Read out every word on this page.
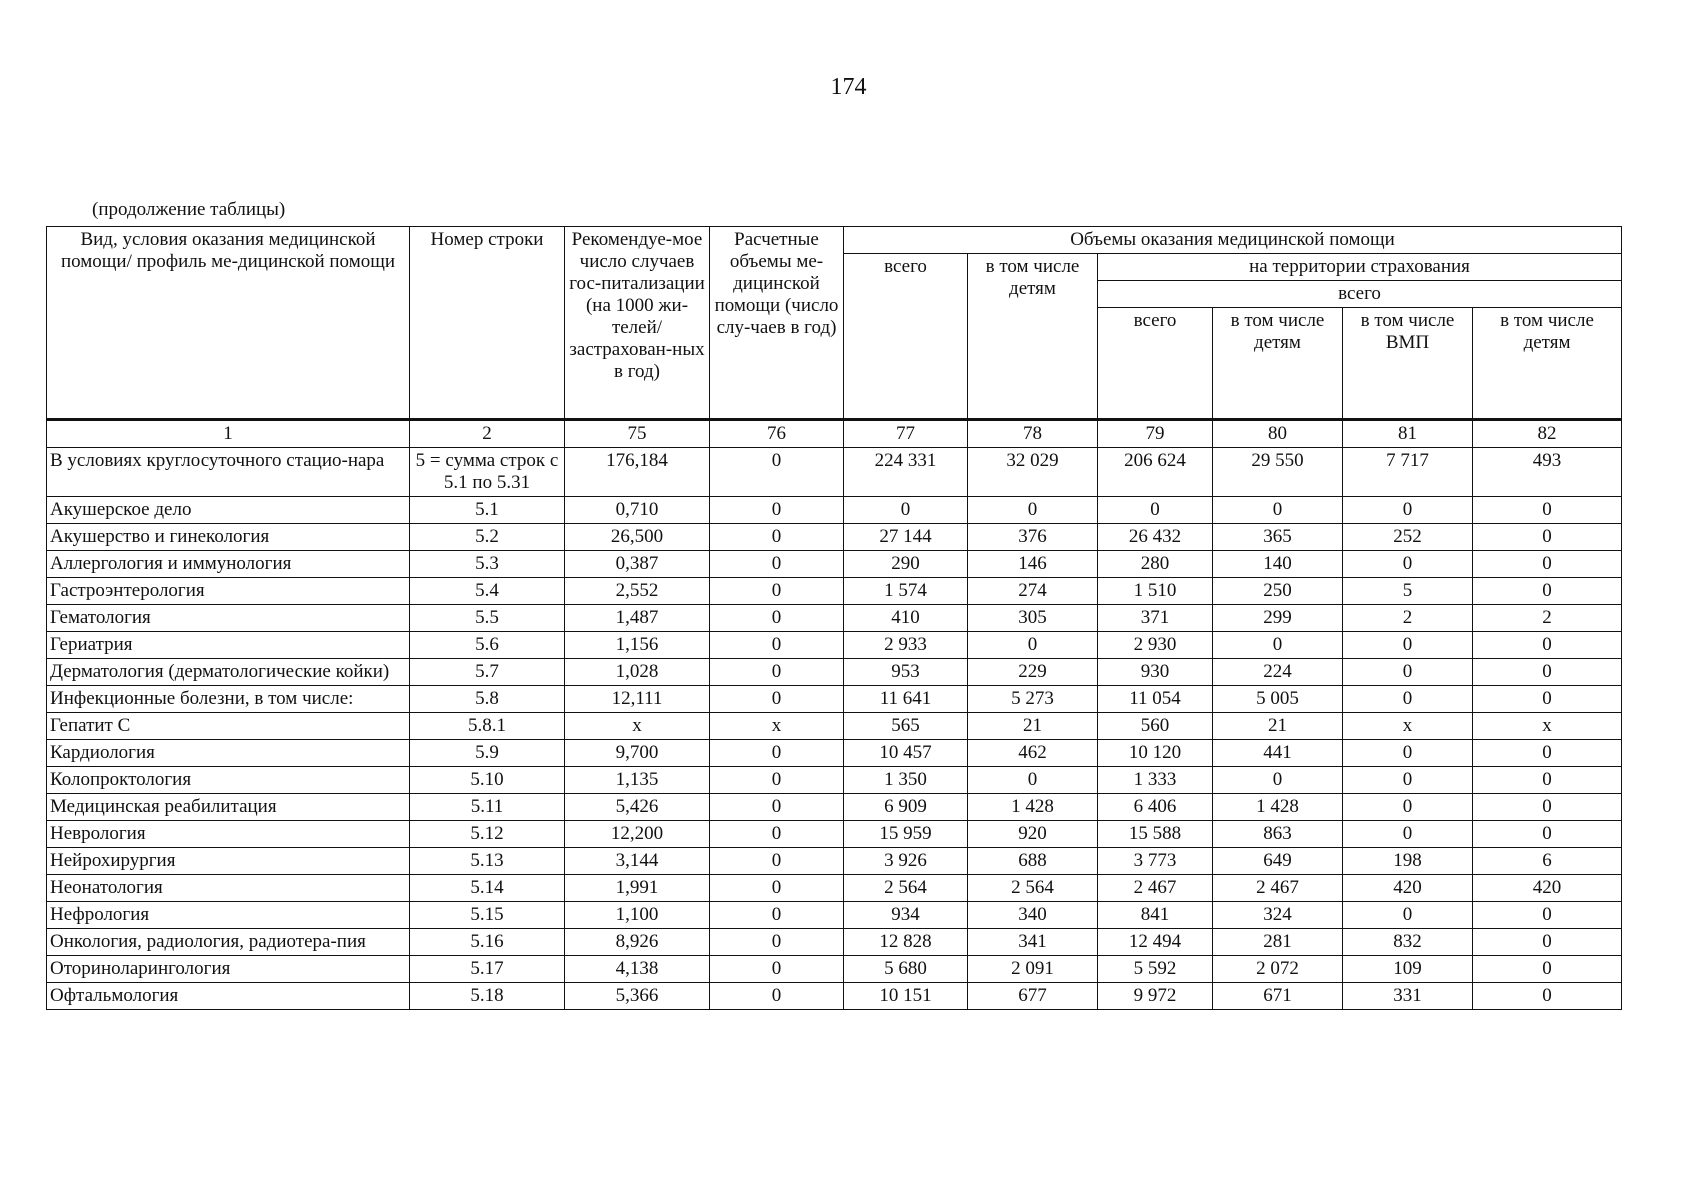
174
(продолжение таблицы)
Вид, условия оказания медицинской помощи/ профиль ме-дицинской помощи	Номер строки	Рекомендуе-мое число случаев гос-питализации (на 1000 жи-телей/ застрахован-ных в год)	Расчетные объемы ме-дицинской помощи (число слу-чаев в год)	Объемы оказания медицинской помощи					
				всего	в том числе детям	на территории страхования			
						всего			
						всего	в том числе детям	в том числе ВМП	в том числе детям
1	2	75	76	77	78	79	80	81	82
В условиях круглосуточного стацио-нара	5 = сумма строк с 5.1 по 5.31	176,184	0	224 331	32 029	206 624	29 550	7 717	493
Акушерское дело	5.1	0,710	0	0	0	0	0	0	0
Акушерство и гинекология	5.2	26,500	0	27 144	376	26 432	365	252	0
Аллергология и иммунология	5.3	0,387	0	290	146	280	140	0	0
Гастроэнтерология	5.4	2,552	0	1 574	274	1 510	250	5	0
Гематология	5.5	1,487	0	410	305	371	299	2	2
Гериатрия	5.6	1,156	0	2 933	0	2 930	0	0	0
Дерматология (дерматологические койки)	5.7	1,028	0	953	229	930	224	0	0
Инфекционные болезни, в том числе:	5.8	12,111	0	11 641	5 273	11 054	5 005	0	0
Гепатит С	5.8.1	х	х	565	21	560	21	х	х
Кардиология	5.9	9,700	0	10 457	462	10 120	441	0	0
Колопроктология	5.10	1,135	0	1 350	0	1 333	0	0	0
Медицинская реабилитация	5.11	5,426	0	6 909	1 428	6 406	1 428	0	0
Неврология	5.12	12,200	0	15 959	920	15 588	863	0	0
Нейрохирургия	5.13	3,144	0	3 926	688	3 773	649	198	6
Неонатология	5.14	1,991	0	2 564	2 564	2 467	2 467	420	420
Нефрология	5.15	1,100	0	934	340	841	324	0	0
Онкология, радиология, радиотера-пия	5.16	8,926	0	12 828	341	12 494	281	832	0
Оториноларингология	5.17	4,138	0	5 680	2 091	5 592	2 072	109	0
Офтальмология	5.18	5,366	0	10 151	677	9 972	671	331	0
